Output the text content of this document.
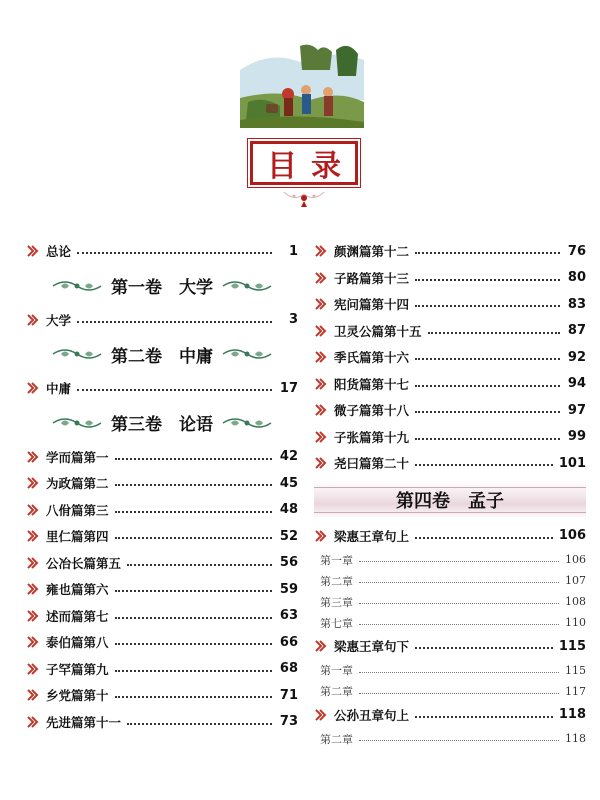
目录
总论	1
第一卷　大学
大学	3
第二卷　中庸
中庸	17
第三卷　论语
学而篇第一	42
为政篇第二	45
八佾篇第三	48
里仁篇第四	52
公冶长篇第五	56
雍也篇第六	59
述而篇第七	63
泰伯篇第八	66
子罕篇第九	68
乡党篇第十	71
先进篇第十一	73
颜渊篇第十二	76
子路篇第十三	80
宪问篇第十四	83
卫灵公篇第十五	87
季氏篇第十六	92
阳货篇第十七	94
微子篇第十八	97
子张篇第十九	99
尧曰篇第二十	101
第四卷　孟子
梁惠王章句上	106
第一章	106
第二章	107
第三章	108
第七章	110
梁惠王章句下	115
第一章	115
第二章	117
公孙丑章句上	118
第二章	118
